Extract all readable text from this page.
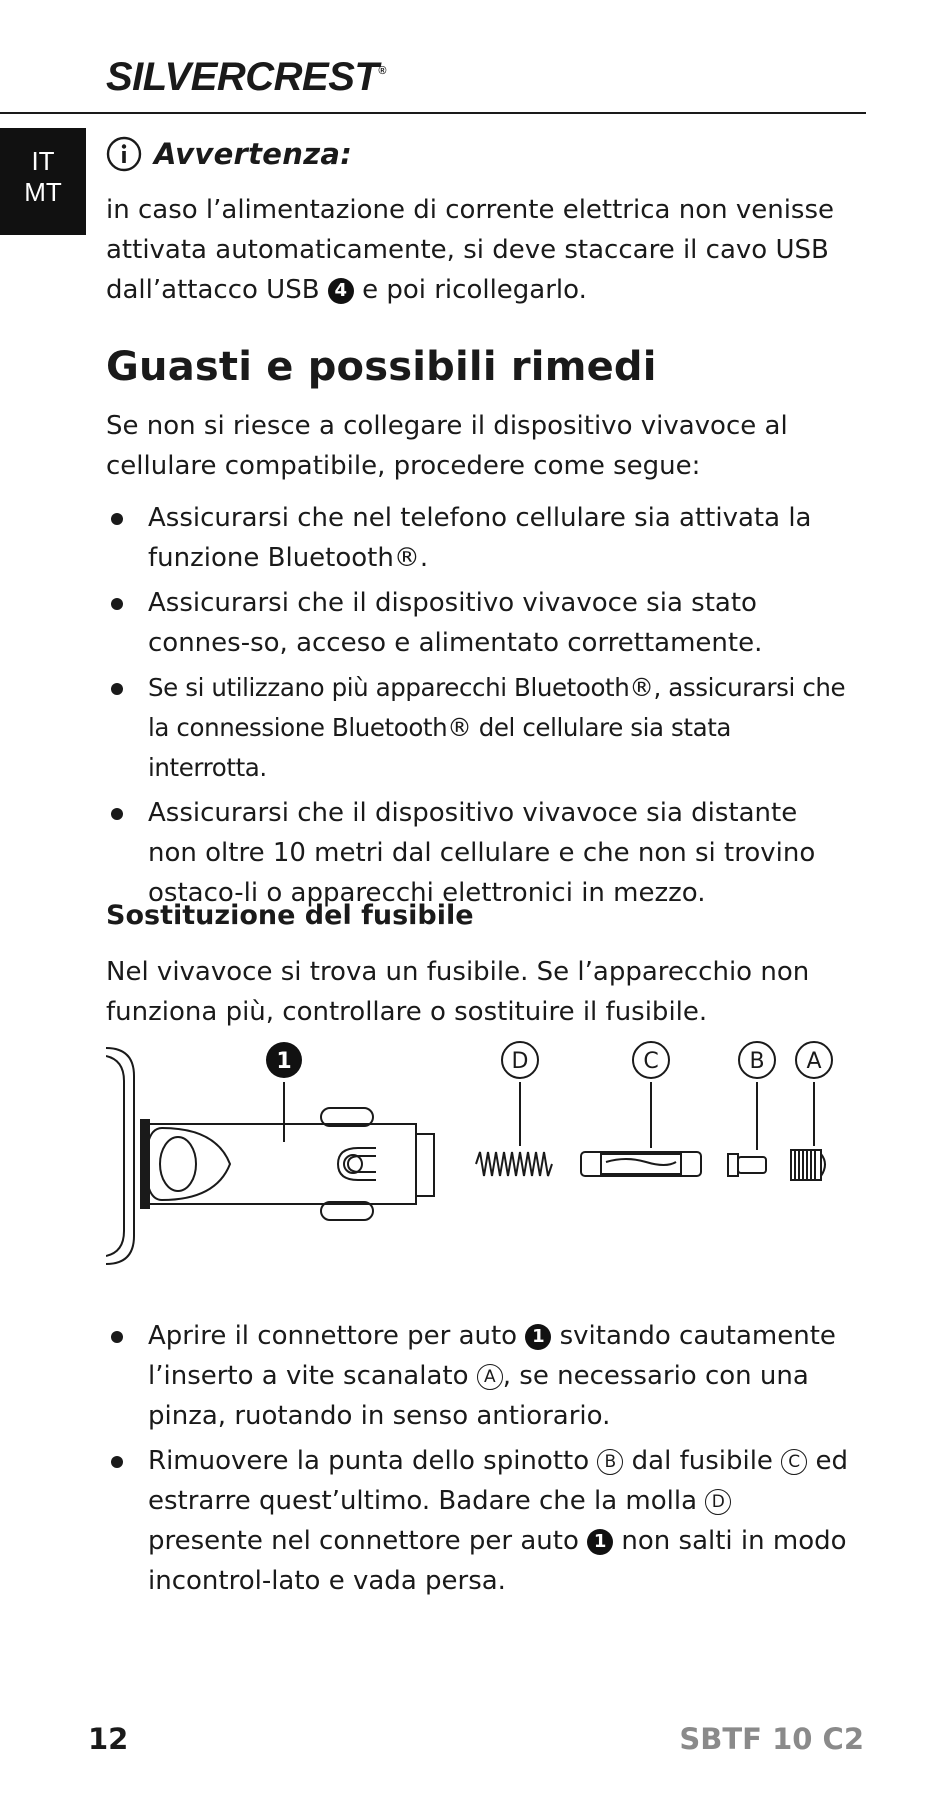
SILVERCREST®
IT
MT
Avvertenza:

in caso l’alimentazione di corrente elettrica non venisse attivata automaticamente, si deve staccare il cavo USB dall’attacco USB 4 e poi ricollegarlo.

Guasti e possibili rimedi

Se non si riesce a collegare il dispositivo vivavoce al cellulare compatibile, procedere come segue:

Assicurarsi che nel telefono cellulare sia attivata la funzione Bluetooth®.
Assicurarsi che il dispositivo vivavoce sia stato connes-so, acceso e alimentato correttamente.
Se si utilizzano più apparecchi Bluetooth®, assicurarsi che la connessione Bluetooth® del cellulare sia stata interrotta.
Assicurarsi che il dispositivo vivavoce sia distante non oltre 10 metri dal cellulare e che non si trovino ostaco-li o apparecchi elettronici in mezzo.
Sostituzione del fusibile

Nel vivavoce si trova un fusibile. Se l’apparecchio non funziona più, controllare o sostituire il fusibile.

1	D	C	B A
Aprire il connettore per auto 1 svitando cautamente l’inserto a vite scanalato A , se necessario con una pinza, ruotando in senso antiorario.
Rimuovere la punta dello spinotto B dal fusibile C ed estrarre quest’ultimo. Badare che la molla D presente nel connettore per auto 1 non salti in modo incontrol-lato e vada persa.
12	SBTF 10 C2
